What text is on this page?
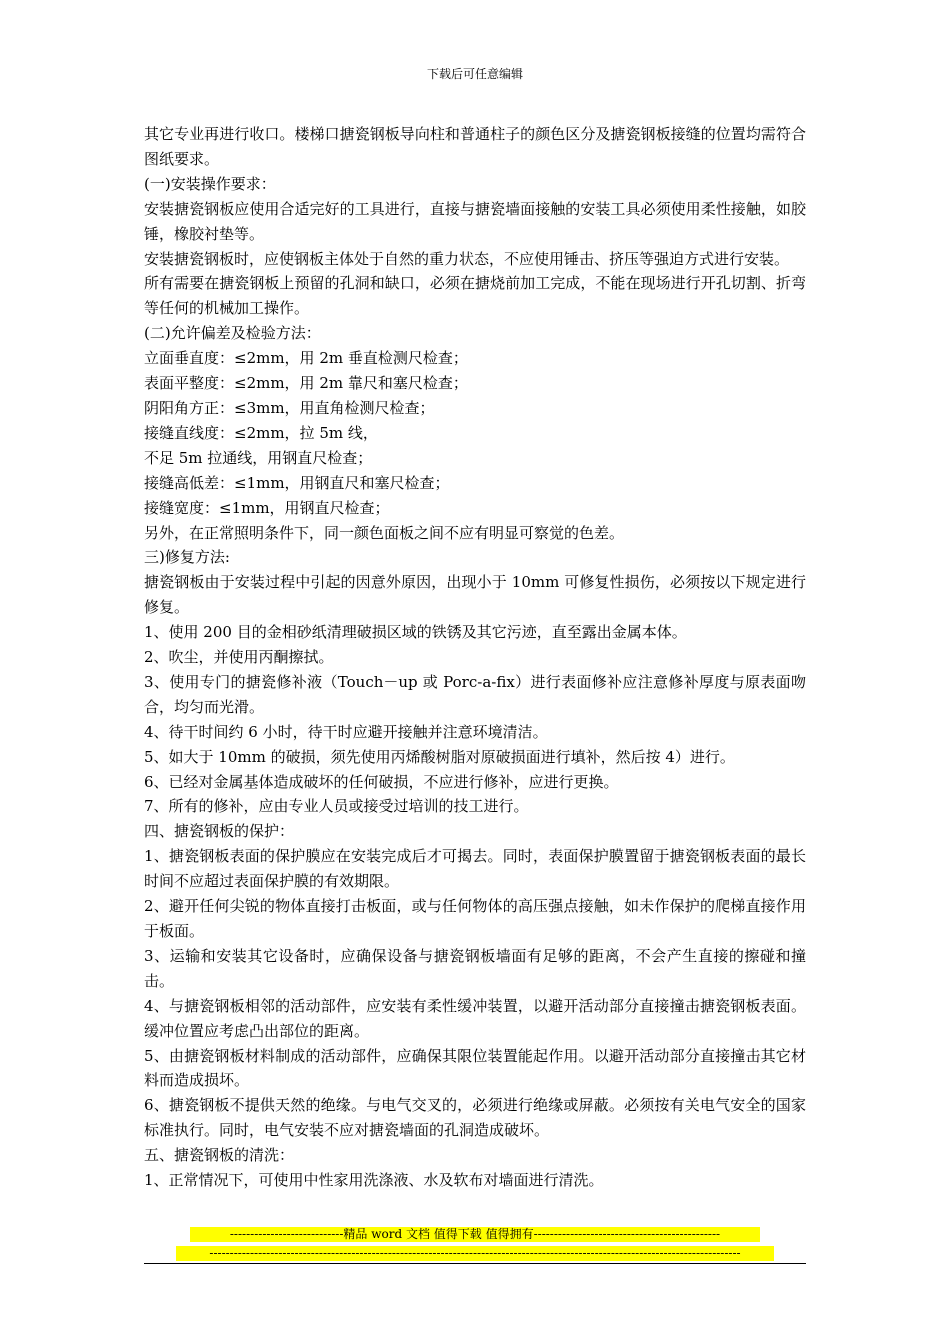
下载后可任意编辑

其它专业再进行收口。楼梯口搪瓷钢板导向柱和普通柱子的颜色区分及搪瓷钢板接缝的位置均需符合图纸要求。

(一)安装操作要求：

安装搪瓷钢板应使用合适完好的工具进行，直接与搪瓷墙面接触的安装工具必须使用柔性接触，如胶锤，橡胶衬垫等。

安装搪瓷钢板时，应使钢板主体处于自然的重力状态，不应使用锤击、挤压等强迫方式进行安装。

所有需要在搪瓷钢板上预留的孔洞和缺口，必须在搪烧前加工完成，不能在现场进行开孔切割、折弯等任何的机械加工操作。

(二)允许偏差及检验方法：

立面垂直度：≤2mm，用 2m 垂直检测尺检查；

表面平整度：≤2mm，用 2m 靠尺和塞尺检查；

阴阳角方正：≤3mm，用直角检测尺检查；

接缝直线度：≤2mm，拉 5m 线，

不足 5m 拉通线，用钢直尺检查；

接缝高低差：≤1mm，用钢直尺和塞尺检查；

接缝宽度：≤1mm，用钢直尺检查；

另外，在正常照明条件下，同一颜色面板之间不应有明显可察觉的色差。

三)修复方法:

搪瓷钢板由于安装过程中引起的因意外原因，出现小于 10mm 可修复性损伤，必须按以下规定进行修复。

1、使用 200 目的金相砂纸清理破损区域的铁锈及其它污迹，直至露出金属本体。

2、吹尘，并使用丙酮擦拭。

3、使用专门的搪瓷修补液（Touch－up 或 Porc-a-fix）进行表面修补应注意修补厚度与原表面吻合，均匀而光滑。

4、待干时间约 6 小时，待干时应避开接触并注意环境清洁。

5、如大于 10mm 的破损，须先使用丙烯酸树脂对原破损面进行填补，然后按 4）进行。

6、已经对金属基体造成破坏的任何破损，不应进行修补，应进行更换。

7、所有的修补，应由专业人员或接受过培训的技工进行。

四、搪瓷钢板的保护：

1、搪瓷钢板表面的保护膜应在安装完成后才可揭去。同时，表面保护膜置留于搪瓷钢板表面的最长时间不应超过表面保护膜的有效期限。

2、避开任何尖锐的物体直接打击板面，或与任何物体的高压强点接触，如未作保护的爬梯直接作用于板面。

3、运输和安装其它设备时，应确保设备与搪瓷钢板墙面有足够的距离，不会产生直接的擦碰和撞击。

4、与搪瓷钢板相邻的活动部件，应安装有柔性缓冲装置，以避开活动部分直接撞击搪瓷钢板表面。缓冲位置应考虑凸出部位的距离。

5、由搪瓷钢板材料制成的活动部件，应确保其限位装置能起作用。以避开活动部分直接撞击其它材料而造成损坏。

6、搪瓷钢板不提供天然的绝缘。与电气交叉的，必须进行绝缘或屏蔽。必须按有关电气安全的国家标准执行。同时，电气安装不应对搪瓷墙面的孔洞造成破坏。

五、搪瓷钢板的清洗：

1、正常情况下，可使用中性家用洗涤液、水及软布对墙面进行清洗。

----------------------------精品 word 文档 值得下载 值得拥有----------------------------------------------
-----------------------------------------------------------------------------------------------------------------------------------
